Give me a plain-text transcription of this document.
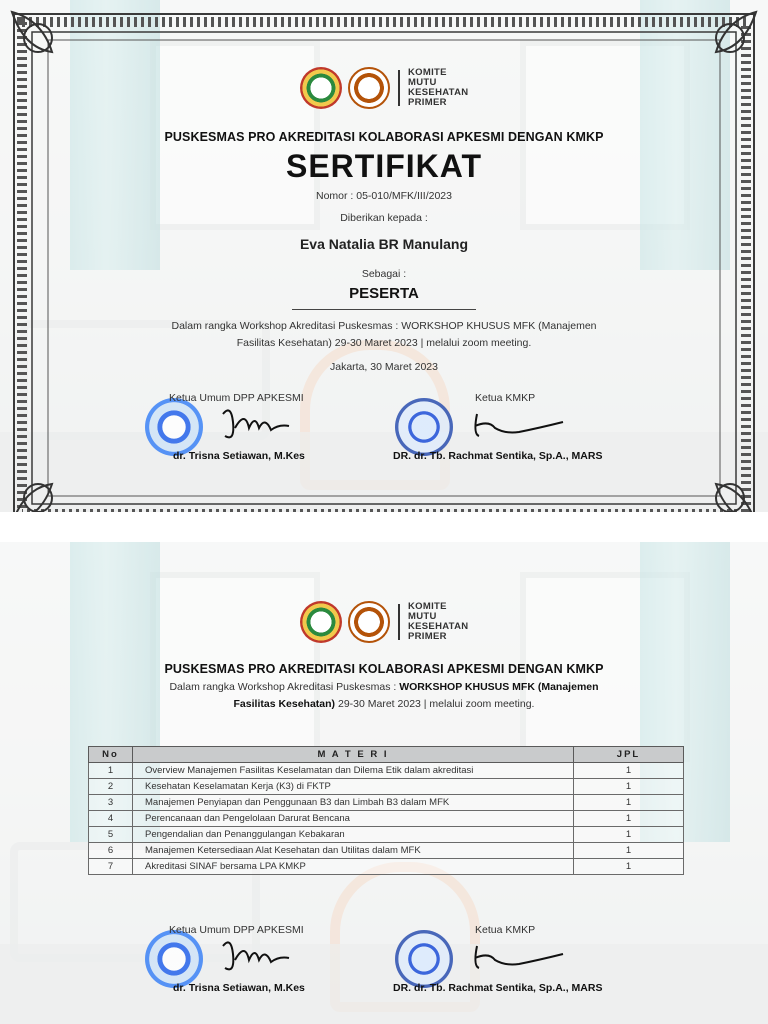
KOMITE
MUTU
KESEHATAN
PRIMER
PUSKESMAS PRO AKREDITASI KOLABORASI APKESMI DENGAN KMKP
SERTIFIKAT
Nomor : 05-010/MFK/III/2023
Diberikan kepada :
Eva Natalia BR Manulang
Sebagai :
PESERTA
Dalam rangka Workshop Akreditasi Puskesmas : WORKSHOP KHUSUS MFK (Manajemen
Fasilitas Kesehatan) 29-30 Maret 2023 | melalui zoom meeting.
Jakarta, 30 Maret 2023
Ketua Umum DPP APKESMI
dr. Trisna Setiawan, M.Kes
Ketua KMKP
DR. dr. Tb. Rachmat Sentika, Sp.A., MARS
KOMITE
MUTU
KESEHATAN
PRIMER
PUSKESMAS PRO AKREDITASI KOLABORASI APKESMI DENGAN KMKP
Dalam rangka Workshop Akreditasi Puskesmas : WORKSHOP KHUSUS MFK (Manajemen
Fasilitas Kesehatan) 29-30 Maret 2023 | melalui zoom meeting.
No	M A T E R I	JPL
1	Overview Manajemen Fasilitas Keselamatan dan Dilema Etik dalam akreditasi	1
2	Kesehatan Keselamatan Kerja (K3) di FKTP	1
3	Manajemen Penyiapan dan Penggunaan B3 dan Limbah B3 dalam MFK	1
4	Perencanaan dan Pengelolaan Darurat Bencana	1
5	Pengendalian dan Penanggulangan Kebakaran	1
6	Manajemen Ketersediaan Alat Kesehatan dan Utilitas dalam MFK	1
7	Akreditasi SINAF bersama LPA KMKP	1
Ketua Umum DPP APKESMI
dr. Trisna Setiawan, M.Kes
Ketua KMKP
DR. dr. Tb. Rachmat Sentika, Sp.A., MARS
